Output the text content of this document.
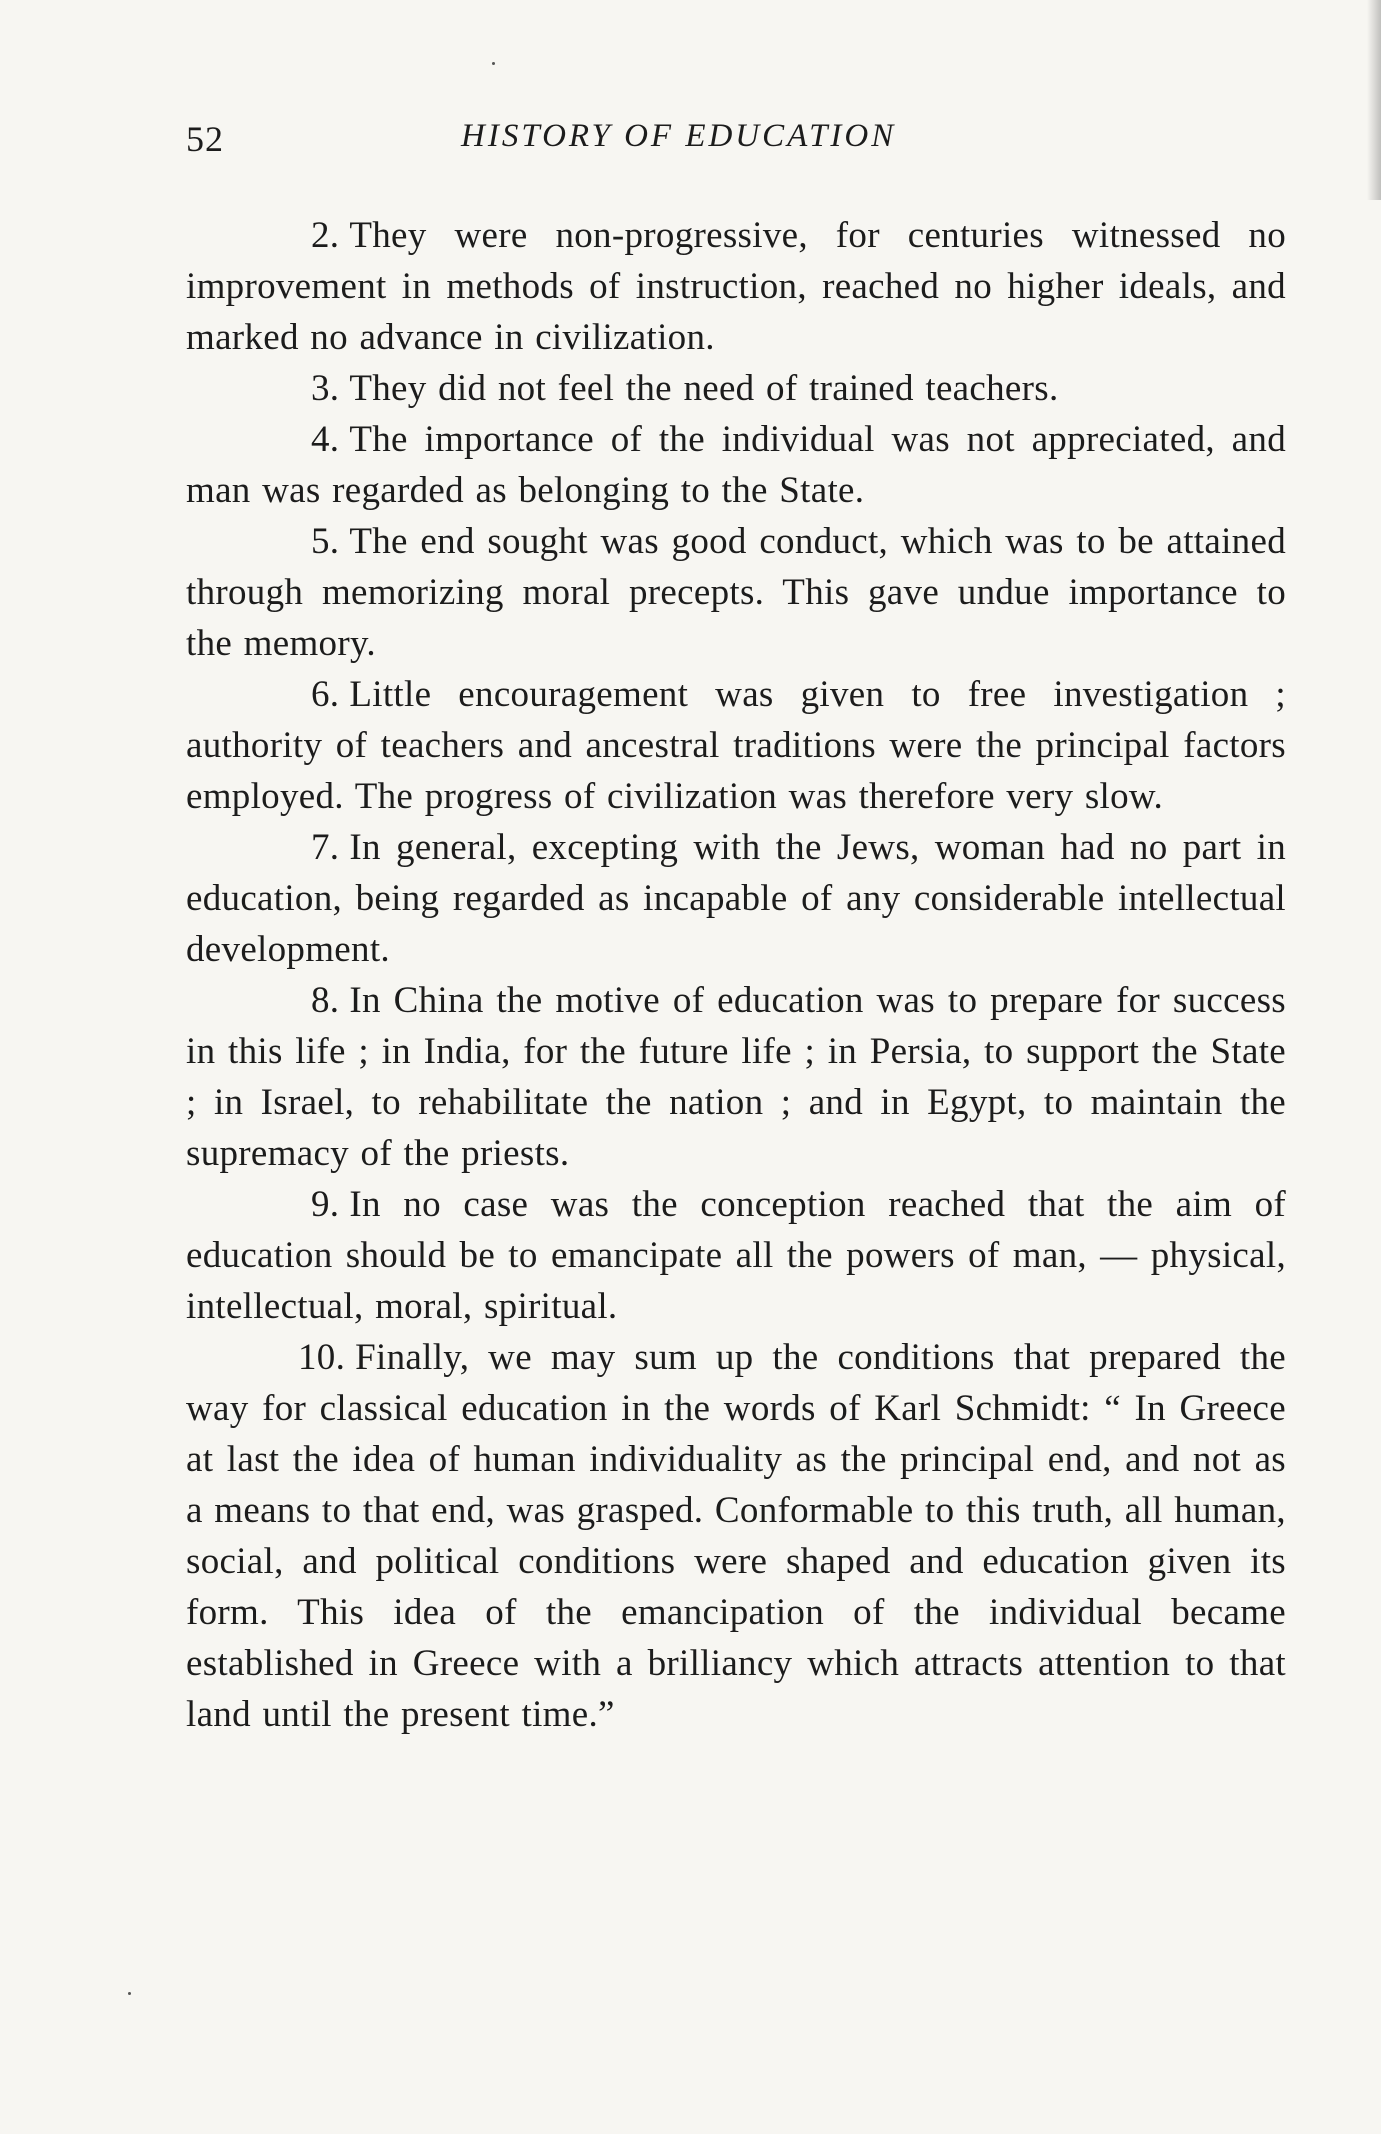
52	HISTORY OF EDUCATION

2. They were non-progressive, for centuries witnessed no improvement in methods of instruction, reached no higher ideals, and marked no advance in civilization.

3. They did not feel the need of trained teachers.

4. The importance of the individual was not appreciated, and man was regarded as belonging to the State.

5. The end sought was good conduct, which was to be attained through memorizing moral precepts. This gave undue importance to the memory.

6. Little encouragement was given to free investigation ; authority of teachers and ancestral traditions were the principal factors employed. The progress of civilization was therefore very slow.

7. In general, excepting with the Jews, woman had no part in education, being regarded as incapable of any considerable intellectual development.

8. In China the motive of education was to prepare for success in this life ; in India, for the future life ; in Persia, to support the State ; in Israel, to rehabilitate the nation ; and in Egypt, to maintain the supremacy of the priests.

9. In no case was the conception reached that the aim of education should be to emancipate all the powers of man, — physical, intellectual, moral, spiritual.

10. Finally, we may sum up the conditions that prepared the way for classical education in the words of Karl Schmidt: “ In Greece at last the idea of human individuality as the principal end, and not as a means to that end, was grasped. Conformable to this truth, all human, social, and political conditions were shaped and education given its form. This idea of the emancipation of the individual became established in Greece with a brilliancy which attracts attention to that land until the present time.”
